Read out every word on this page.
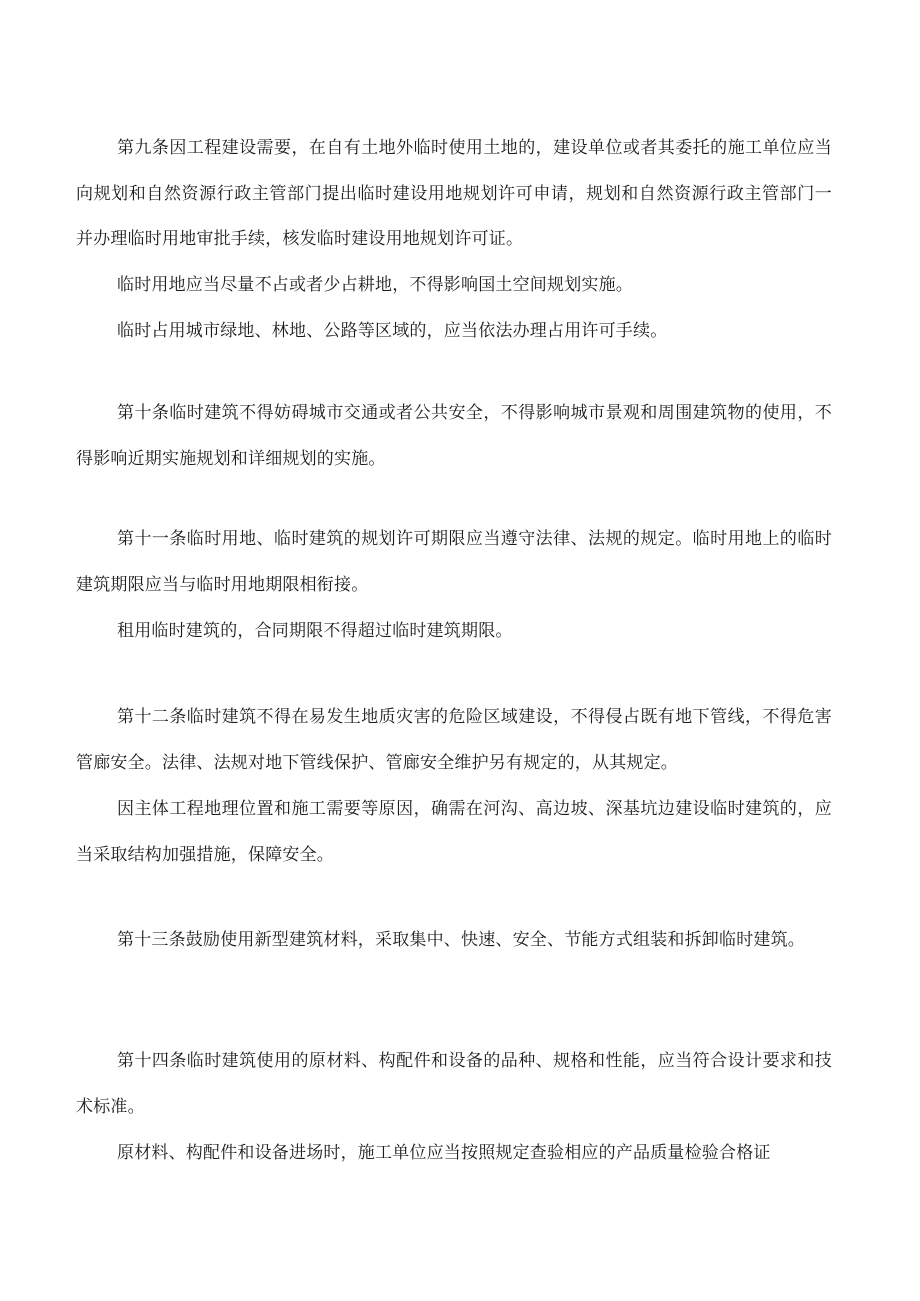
第九条因工程建设需要，在自有土地外临时使用土地的，建设单位或者其委托的施工单位应当向规划和自然资源行政主管部门提出临时建设用地规划许可申请，规划和自然资源行政主管部门一并办理临时用地审批手续，核发临时建设用地规划许可证。

临时用地应当尽量不占或者少占耕地，不得影响国土空间规划实施。

临时占用城市绿地、林地、公路等区域的，应当依法办理占用许可手续。

第十条临时建筑不得妨碍城市交通或者公共安全，不得影响城市景观和周围建筑物的使用，不得影响近期实施规划和详细规划的实施。

第十一条临时用地、临时建筑的规划许可期限应当遵守法律、法规的规定。临时用地上的临时建筑期限应当与临时用地期限相衔接。

租用临时建筑的，合同期限不得超过临时建筑期限。

第十二条临时建筑不得在易发生地质灾害的危险区域建设，不得侵占既有地下管线，不得危害管廊安全。法律、法规对地下管线保护、管廊安全维护另有规定的，从其规定。

因主体工程地理位置和施工需要等原因，确需在河沟、高边坡、深基坑边建设临时建筑的，应当采取结构加强措施，保障安全。

第十三条鼓励使用新型建筑材料，采取集中、快速、安全、节能方式组装和拆卸临时建筑。

第十四条临时建筑使用的原材料、构配件和设备的品种、规格和性能，应当符合设计要求和技术标准。

原材料、构配件和设备进场时，施工单位应当按照规定查验相应的产品质量检验合格证
